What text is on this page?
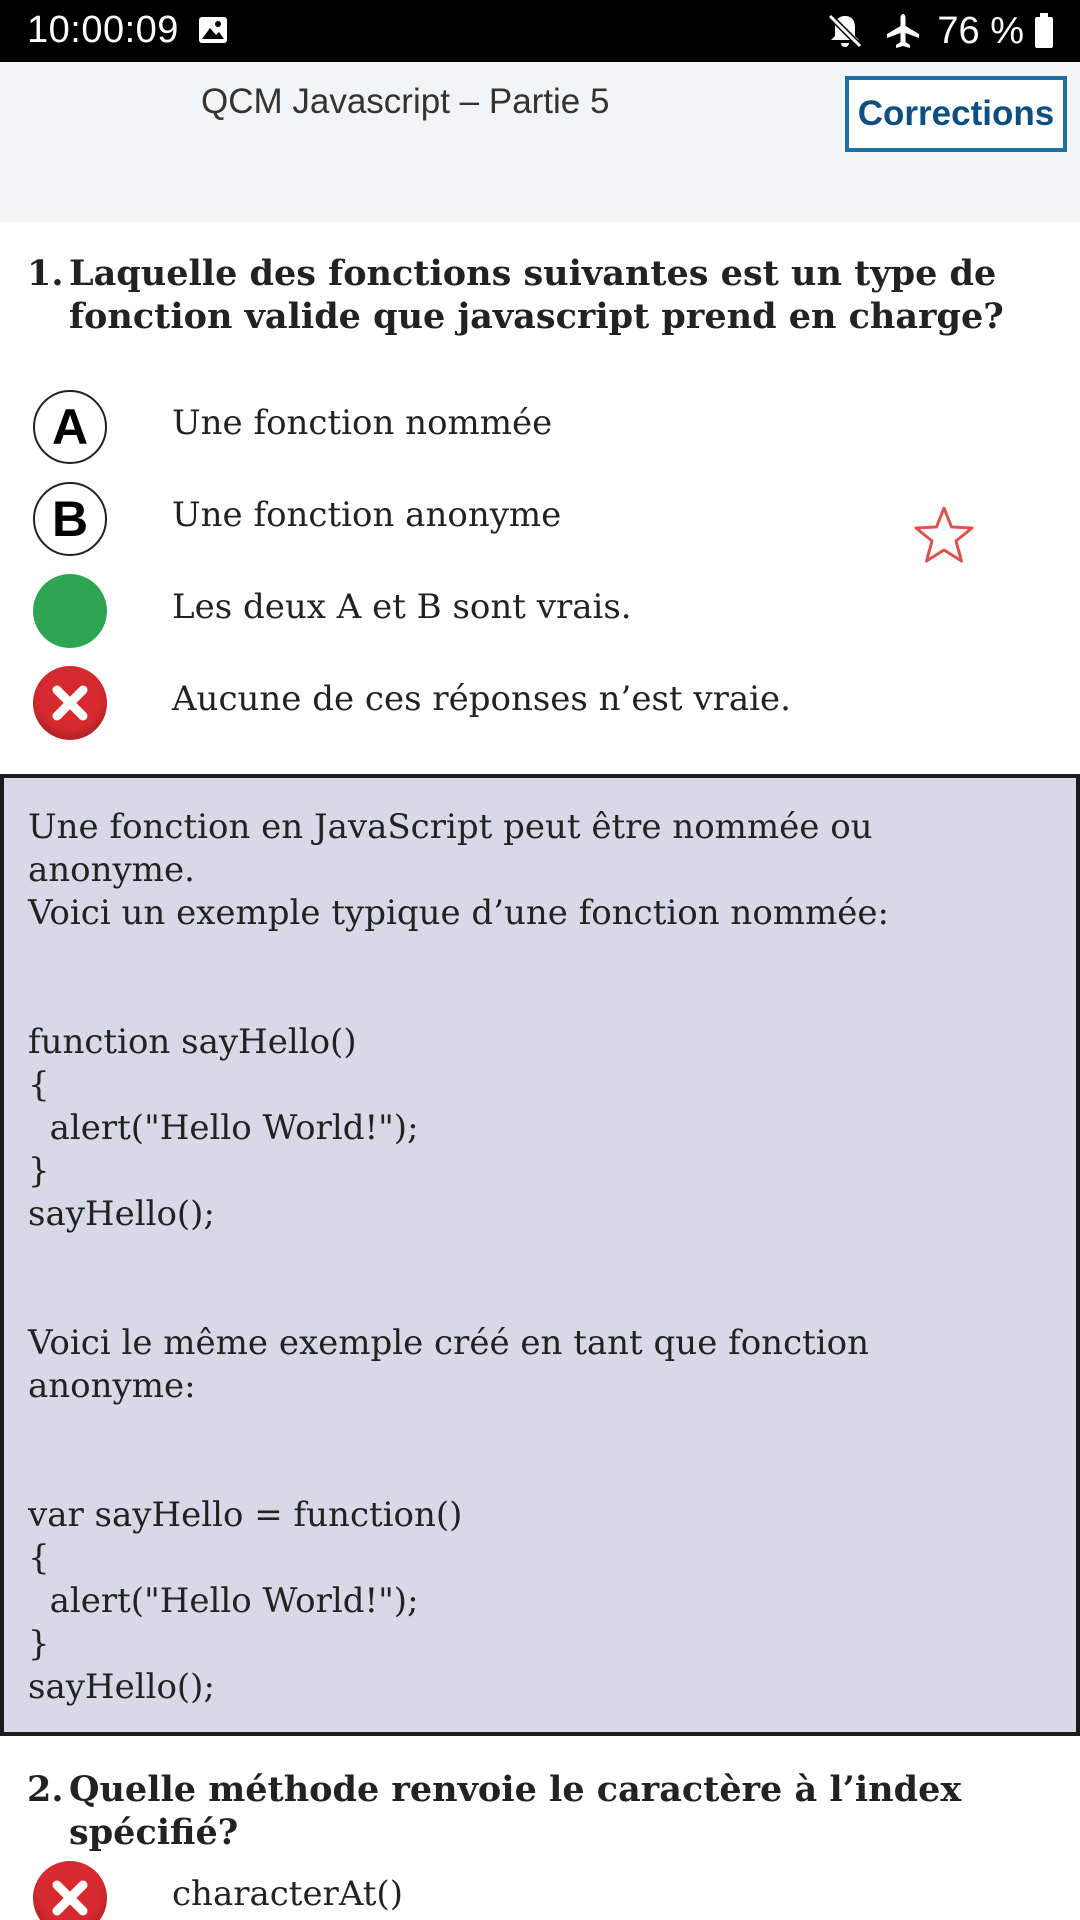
10:00:09	76 %
QCM Javascript – Partie 5	Corrections
1. Laquelle des fonctions suivantes est un type de fonction valide que javascript prend en charge?
A	Une fonction nommée
B	Une fonction anonyme
Les deux A et B sont vrais.
Aucune de ces réponses n’est vraie.
Une fonction en JavaScript peut être nommée ou
anonyme.
Voici un exemple typique d’une fonction nommée:

function sayHello()
{
alert("Hello World!");
}
sayHello();

Voici le même exemple créé en tant que fonction
anonyme:

var sayHello = function()
{
alert("Hello World!");
}
sayHello();
2. Quelle méthode renvoie le caractère à l’index spécifié?
characterAt()
